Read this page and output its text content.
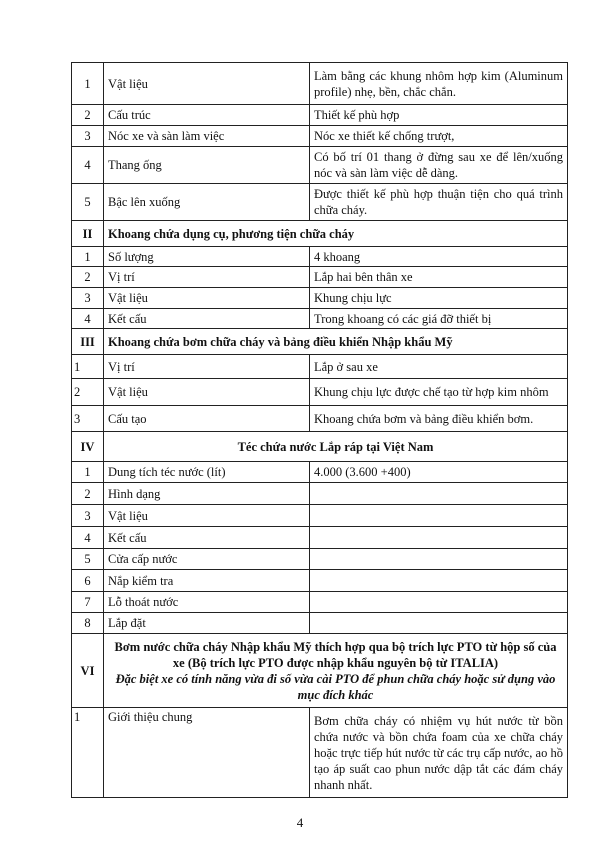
1	Vật liệu	Làm bằng các khung nhôm hợp kim (Aluminum profile) nhẹ, bền, chắc chắn.
2	Cấu trúc	Thiết kế phù hợp
3	Nóc xe và sàn làm việc	Nóc xe thiết kế chống trượt,
4	Thang ống	Có bố trí 01 thang ở đừng sau xe để lên/xuống nóc và sàn làm việc dễ dàng.
5	Bậc lên xuống	Được thiết kế phù hợp thuận tiện cho quá trình chữa cháy.
II	Khoang chứa dụng cụ, phương tiện chữa cháy	
1	Số lượng	4 khoang
2	Vị trí	Lắp hai bên thân xe
3	Vật liệu	Khung chịu lực
4	Kết cấu	Trong khoang có các giá đỡ thiết bị
III	Khoang chứa bơm chữa cháy và bảng điều khiển Nhập khẩu Mỹ	
1	Vị trí	Lắp ở sau xe
2	Vật liệu	Khung chịu lực được chế tạo từ hợp kim nhôm
3	Cấu tạo	Khoang chứa bơm và bảng điều khiển bơm.
IV	Téc chứa nước Lắp ráp tại Việt Nam	
1	Dung tích téc nước (lít)	4.000 (3.600 +400)
2	Hình dạng	
3	Vật liệu	
4	Kết cấu	
5	Cửa cấp nước	
6	Nắp kiểm tra	
7	Lỗ thoát nước	
8	Lắp đặt	
VI	Bơm nước chữa cháy Nhập khẩu Mỹ thích hợp qua bộ trích lực PTO từ hộp số của xe (Bộ trích lực PTO được nhập khẩu nguyên bộ từ ITALIA)
Đặc biệt xe có tính năng vừa đi số vừa cài PTO để phun chữa cháy hoặc sử dụng vào mục đích khác	

1	Giới thiệu chung	Bơm chữa cháy có nhiệm vụ hút nước từ bồn chứa nước và bồn chứa foam của xe chữa cháy hoặc trực tiếp hút nước từ các trụ cấp nước, ao hồ tạo áp suất cao phun nước dập tắt các đám cháy nhanh nhất.
4
